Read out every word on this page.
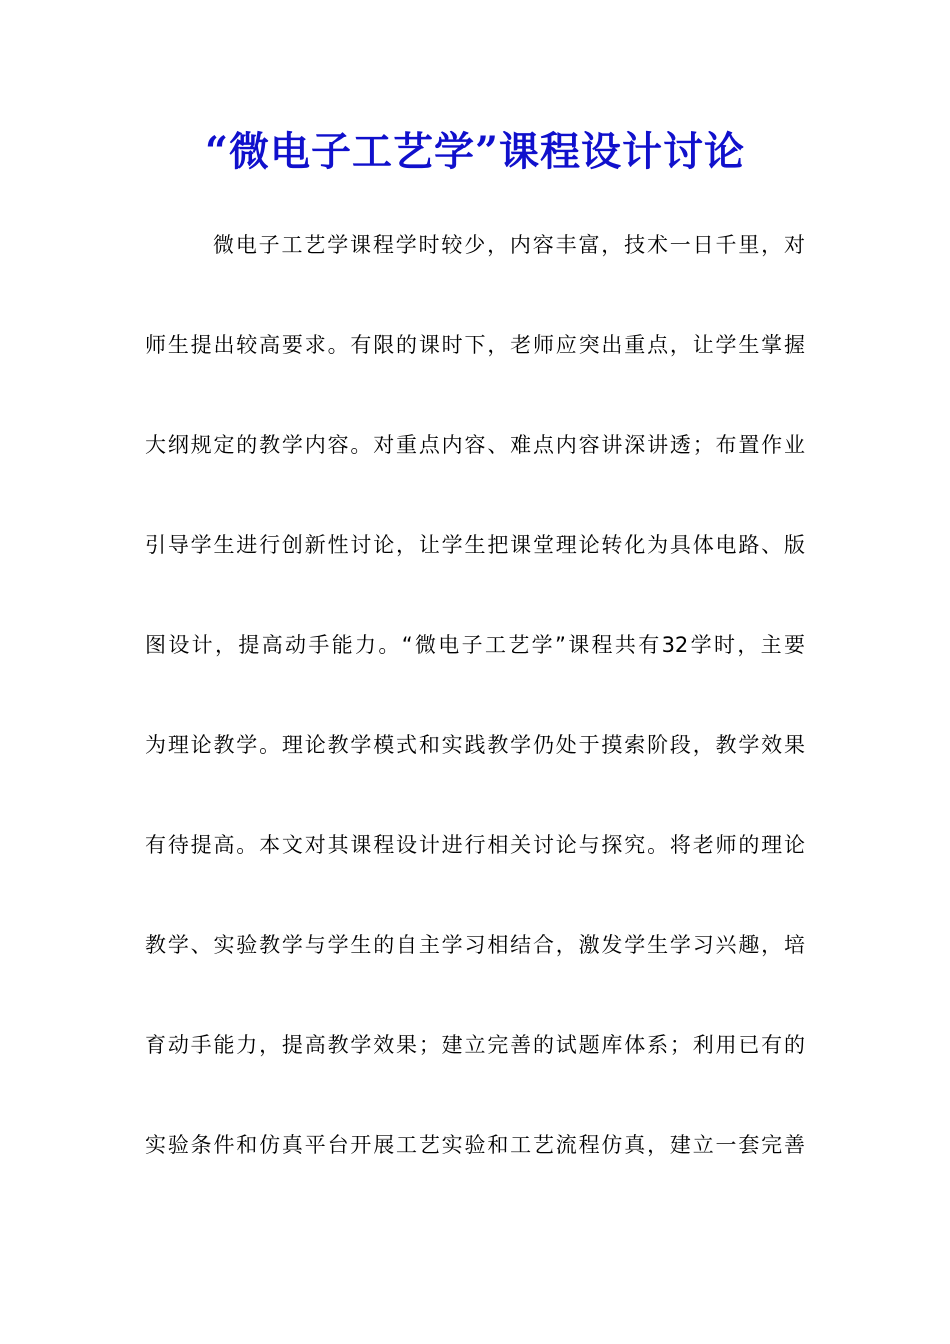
“微电子工艺学”课程设计讨论

微电子工艺学课程学时较少，内容丰富，技术一日千里，对

师生提出较高要求。有限的课时下，老师应突出重点，让学生掌握

大纲规定的教学内容。对重点内容、难点内容讲深讲透；布置作业

引导学生进行创新性讨论，让学生把课堂理论转化为具体电路、版

图设计，提高动手能力。“微电子工艺学”课程共有32学时，主要

为理论教学。理论教学模式和实践教学仍处于摸索阶段，教学效果

有待提高。本文对其课程设计进行相关讨论与探究。将老师的理论

教学、实验教学与学生的自主学习相结合，激发学生学习兴趣，培

育动手能力，提高教学效果；建立完善的试题库体系；利用已有的

实验条件和仿真平台开展工艺实验和工艺流程仿真，建立一套完善
